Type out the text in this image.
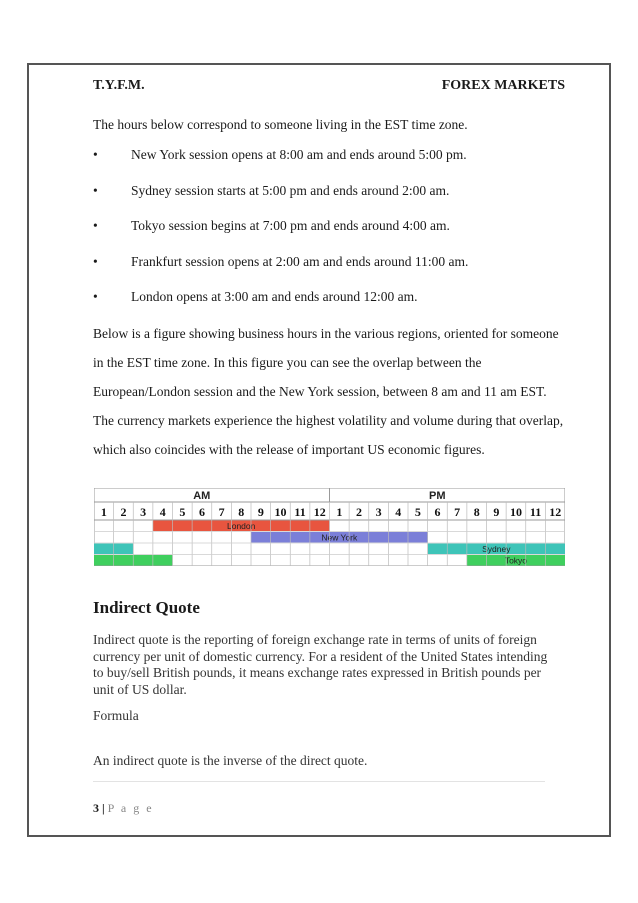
T.Y.F.M.	FOREX MARKETS
The hours below correspond to someone living in the EST time zone.
• New York session opens at 8:00 am and ends around 5:00 pm.
• Sydney session starts at 5:00 pm and ends around 2:00 am.
• Tokyo session begins at 7:00 pm and ends around 4:00 am.
• Frankfurt session opens at 2:00 am and ends around 11:00 am.
• London opens at 3:00 am and ends around 12:00 am.
Below is a figure showing business hours in the various regions, oriented for someone in the EST time zone. In this figure you can see the overlap between the European/London session and the New York session, between 8 am and 11 am EST. The currency markets experience the highest volatility and volume during that overlap, which also coincides with the release of important US economic figures.
AM	PM
1 2 3 4 5 6 7 8 9 10 11 12 1 2 3 4 5 6 7 8 9 10 11 12
London
New York
Sydney
Tokyo
Indirect Quote
Indirect quote is the reporting of foreign exchange rate in terms of units of foreign currency per unit of domestic currency. For a resident of the United States intending to buy/sell British pounds, it means exchange rates expressed in British pounds per unit of US dollar.
Formula
An indirect quote is the inverse of the direct quote.
3 | P a g e
